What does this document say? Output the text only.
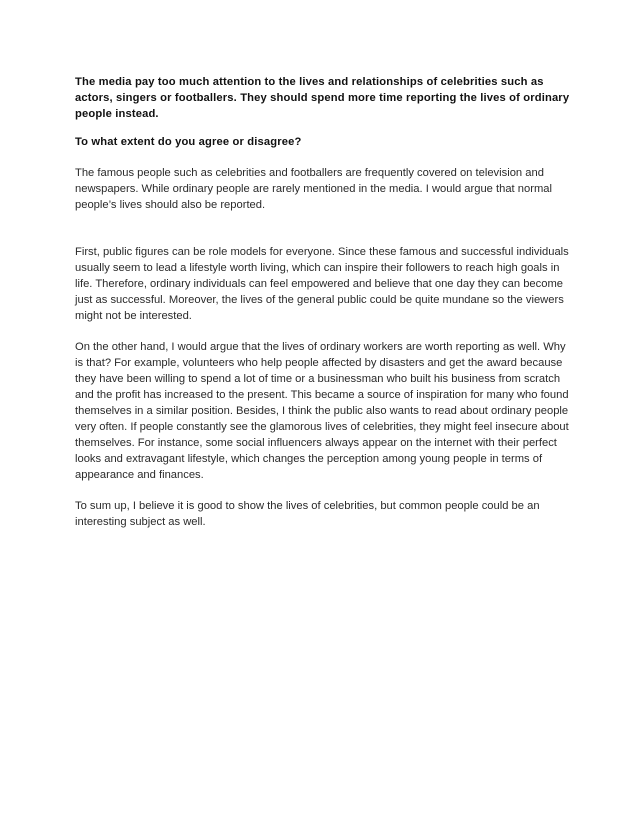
The media pay too much attention to the lives and relationships of celebrities such as actors, singers or footballers. They should spend more time reporting the lives of ordinary people instead.

To what extent do you agree or disagree?

The famous people such as celebrities and footballers are frequently covered on television and newspapers. While ordinary people are rarely mentioned in the media. I would argue that normal people’s lives should also be reported.

First, public figures can be role models for everyone. Since these famous and successful individuals usually seem to lead a lifestyle worth living, which can inspire their followers to reach high goals in life. Therefore, ordinary individuals can feel empowered and believe that one day they can become just as successful. Moreover, the lives of the general public could be quite mundane so the viewers might not be interested.

On the other hand, I would argue that the lives of ordinary workers are worth reporting as well. Why is that? For example, volunteers who help people affected by disasters and get the award because they have been willing to spend a lot of time or a businessman who built his business from scratch and the profit has increased to the present. This became a source of inspiration for many who found themselves in a similar position. Besides, I think the public also wants to read about ordinary people very often. If people constantly see the glamorous lives of celebrities, they might feel insecure about themselves. For instance, some social influencers always appear on the internet with their perfect looks and extravagant lifestyle, which changes the perception among young people in terms of appearance and finances.

To sum up, I believe it is good to show the lives of celebrities, but common people could be an interesting subject as well.
